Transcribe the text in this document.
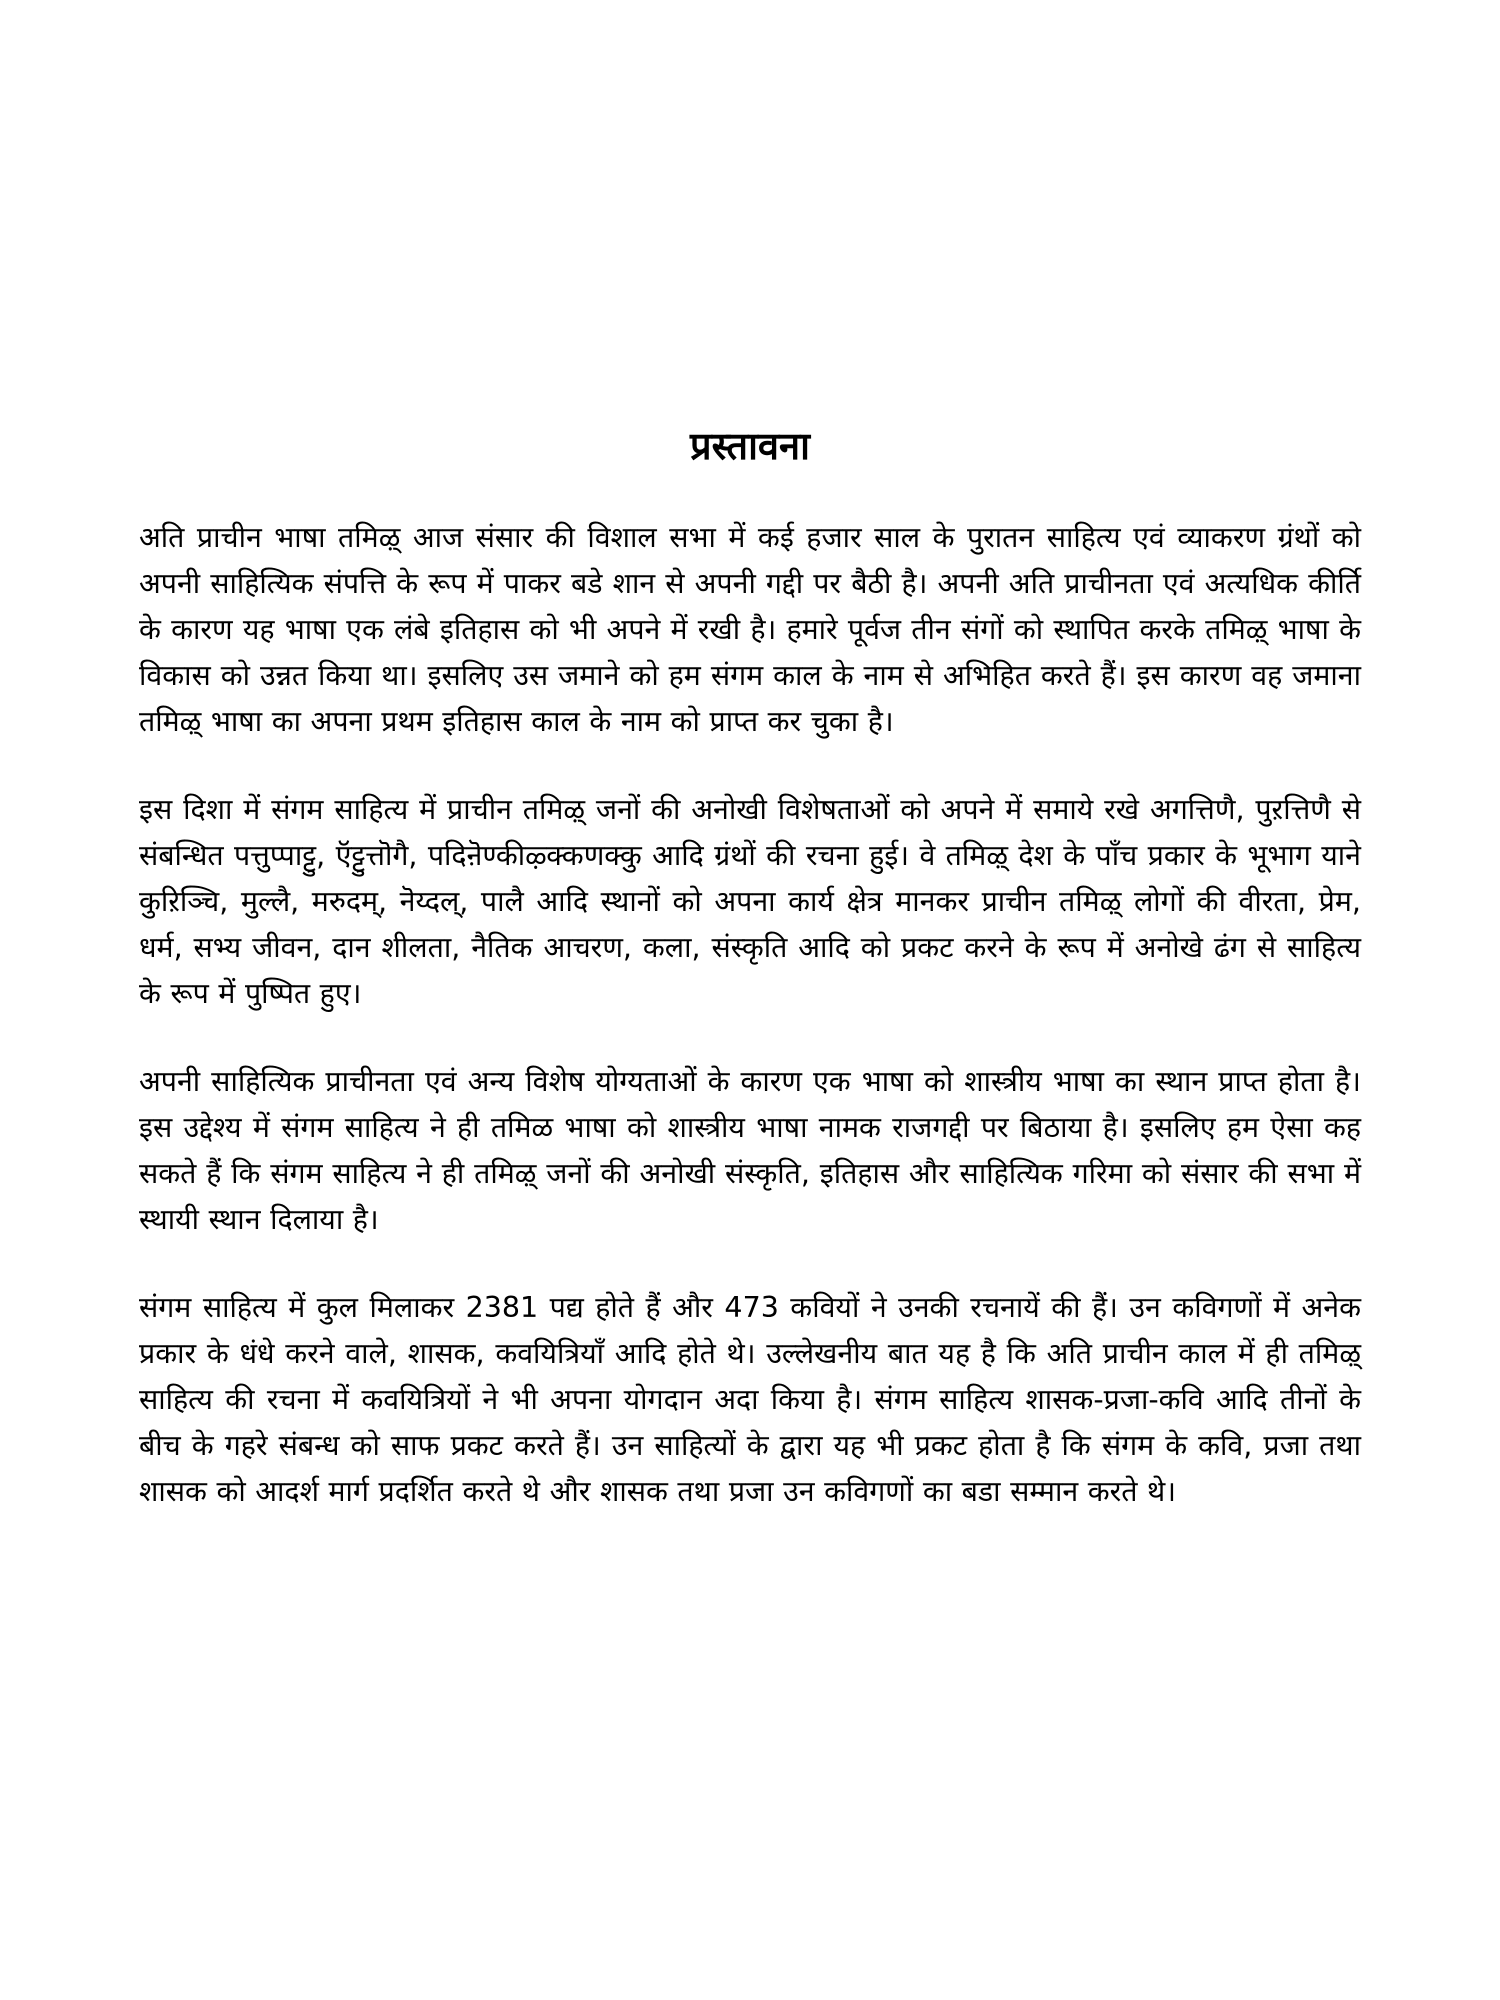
प्रस्तावना

अति प्राचीन भाषा तमिऴ् आज संसार की विशाल सभा में कई हजार साल के पुरातन साहित्य एवं व्याकरण ग्रंथों को अपनी साहित्यिक संपत्ति के रूप में पाकर बडे शान से अपनी गद्दी पर बैठी है। अपनी अति प्राचीनता एवं अत्यधिक कीर्ति के कारण यह भाषा एक लंबे इतिहास को भी अपने में रखी है। हमारे पूर्वज तीन संगों को स्थापित करके तमिऴ् भाषा के विकास को उन्नत किया था। इसलिए उस जमाने को हम संगम काल के नाम से अभिहित करते हैं। इस कारण वह जमाना तमिऴ् भाषा का अपना प्रथम इतिहास काल के नाम को प्राप्त कर चुका है।

इस दिशा में संगम साहित्य में प्राचीन तमिऴ् जनों की अनोखी विशेषताओं को अपने में समाये रखे अगत्तिणै, पुऱत्तिणै से संबन्धित पत्तुप्पाट्टु, ऍट्टुत्तॊगै, पदिऩॆण्कीऴ्क्कणक्कु आदि ग्रंथों की रचना हुई। वे तमिऴ् देश के पाँच प्रकार के भूभाग याने कुऱिञ्चि, मुल्लै, मरुदम्, नॆय्दल्, पालै आदि स्थानों को अपना कार्य क्षेत्र मानकर प्राचीन तमिऴ् लोगों की वीरता, प्रेम, धर्म, सभ्य जीवन, दान शीलता, नैतिक आचरण, कला, संस्कृति आदि को प्रकट करने के रूप में अनोखे ढंग से साहित्य के रूप में पुष्पित हुए।

अपनी साहित्यिक प्राचीनता एवं अन्य विशेष योग्यताओं के कारण एक भाषा को शास्त्रीय भाषा का स्थान प्राप्त होता है। इस उद्देश्य में संगम साहित्य ने ही तमिळ भाषा को शास्त्रीय भाषा नामक राजगद्दी पर बिठाया है। इसलिए हम ऐसा कह सकते हैं कि संगम साहित्य ने ही तमिऴ् जनों की अनोखी संस्कृति, इतिहास और साहित्यिक गरिमा को संसार की सभा में स्थायी स्थान दिलाया है।

संगम साहित्य में कुल मिलाकर 2381 पद्य होते हैं और 473 कवियों ने उनकी रचनायें की हैं। उन कविगणों में अनेक प्रकार के धंधे करने वाले, शासक, कवयित्रियाँ आदि होते थे। उल्लेखनीय बात यह है कि अति प्राचीन काल में ही तमिऴ् साहित्य की रचना में कवयित्रियों ने भी अपना योगदान अदा किया है। संगम साहित्य शासक-प्रजा-कवि आदि तीनों के बीच के गहरे संबन्ध को साफ प्रकट करते हैं। उन साहित्यों के द्वारा यह भी प्रकट होता है कि संगम के कवि, प्रजा तथा शासक को आदर्श मार्ग प्रदर्शित करते थे और शासक तथा प्रजा उन कविगणों का बडा सम्मान करते थे।
